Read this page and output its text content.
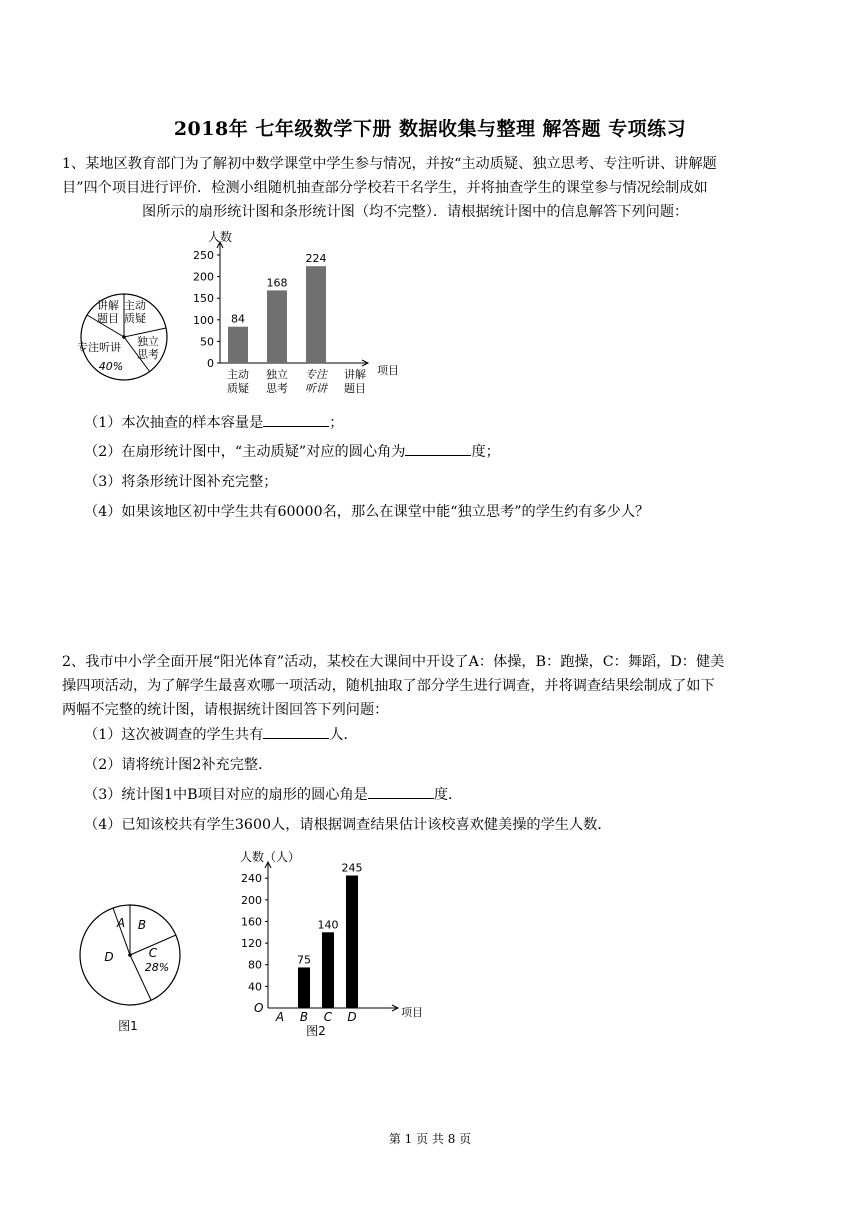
2018年 七年级数学下册 数据收集与整理 解答题 专项练习
1、某地区教育部门为了解初中数学课堂中学生参与情况，并按“主动质疑、独立思考、专注听讲、讲解题
目”四个项目进行评价．检测小组随机抽查部分学校若干名学生，并将抽查学生的课堂参与情况绘制成如
图所示的扇形统计图和条形统计图（均不完整）．请根据统计图中的信息解答下列问题：
讲解
题目
主动
质疑
独立
思考
专注听讲
40%
人数
项目
0
50
100
150
200
250
84
主动
质疑
168
独立
思考
224
专注
听讲
讲解
题目
（1）本次抽查的样本容量是	；
（2）在扇形统计图中，“主动质疑”对应的圆心角为	度；
（3）将条形统计图补充完整；
（4）如果该地区初中学生共有60000名，那么在课堂中能“独立思考”的学生约有多少人？
2、我市中小学全面开展“阳光体育”活动，某校在大课间中开设了A：体操，B：跑操，C：舞蹈，D：健美
操四项活动，为了解学生最喜欢哪一项活动，随机抽取了部分学生进行调查，并将调查结果绘制成了如下
两幅不完整的统计图，请根据统计图回答下列问题：
（1）这次被调查的学生共有	人．
（2）请将统计图2补充完整．
（3）统计图1中B项目对应的扇形的圆心角是	度．
（4）已知该校共有学生3600人，请根据调查结果估计该校喜欢健美操的学生人数．
A B
C
28%
D
图1
人数（人）
项目
O
40
80
120
160
200
240
A
75
B
140
C
245
D
图2
第 1 页 共 8 页
